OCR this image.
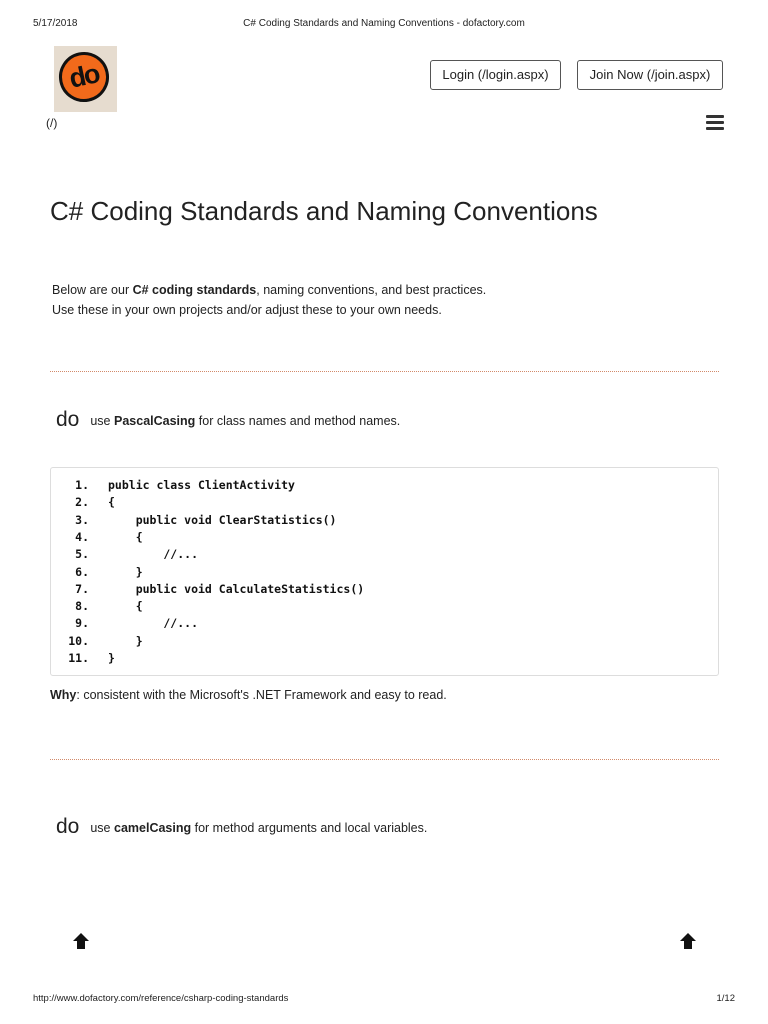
5/17/2018	C# Coding Standards and Naming Conventions - dofactory.com
do
(/)
Login (/login.aspx)	Join Now (/join.aspx)
C# Coding Standards and Naming Conventions
Below are our C# coding standards, naming conventions, and best practices.
Use these in your own projects and/or adjust these to your own needs.
do use PascalCasing for class names and method names.
1. public class ClientActivity
2. {
3.    public void ClearStatistics()
4.    {
5.        //...
6.    }
7.    public void CalculateStatistics()
8.    {
9.        //...
10.    }
11. }
Why: consistent with the Microsoft's .NET Framework and easy to read.
do use camelCasing for method arguments and local variables.
http://www.dofactory.com/reference/csharp-coding-standards	1/12
